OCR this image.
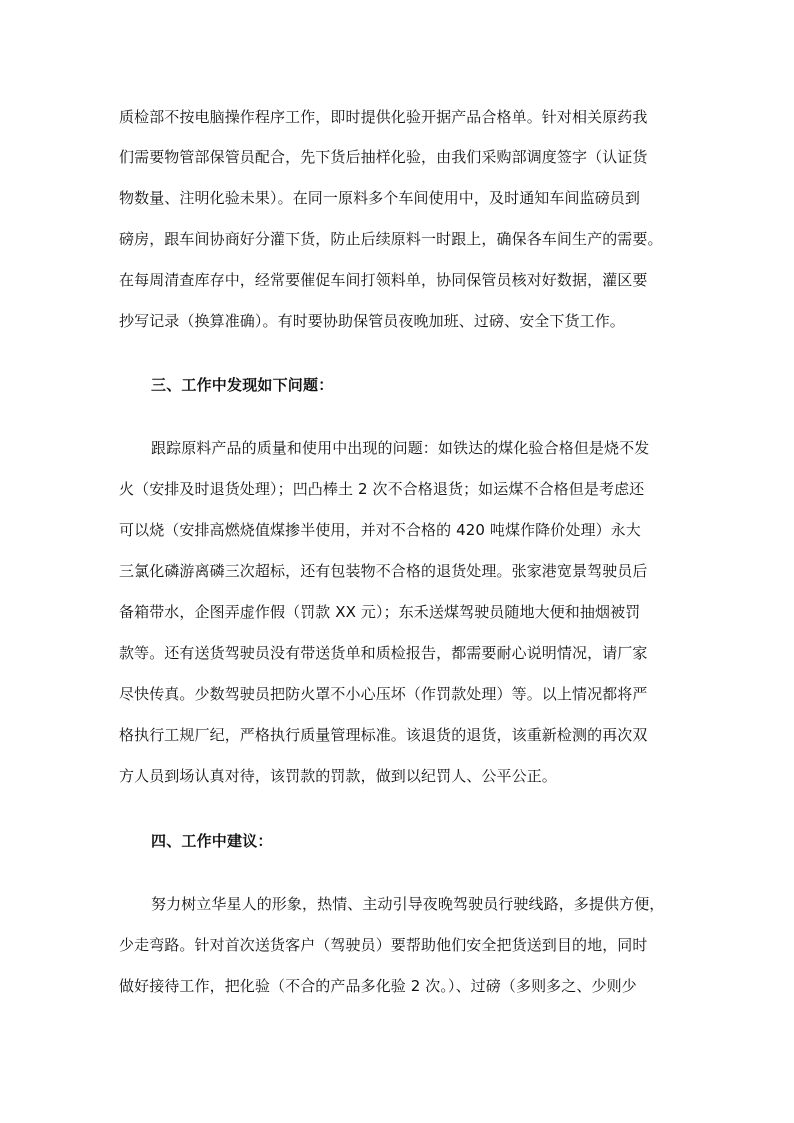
质检部不按电脑操作程序工作，即时提供化验开据产品合格单。针对相关原药我
们需要物管部保管员配合，先下货后抽样化验，由我们采购部调度签字（认证货
物数量、注明化验未果）。在同一原料多个车间使用中，及时通知车间监磅员到
磅房，跟车间协商好分灌下货，防止后续原料一时跟上，确保各车间生产的需要。
在每周清查库存中，经常要催促车间打领料单，协同保管员核对好数据，灌区要
抄写记录（换算准确）。有时要协助保管员夜晚加班、过磅、安全下货工作。
三、工作中发现如下问题：
跟踪原料产品的质量和使用中出现的问题：如铁达的煤化验合格但是烧不发
火（安排及时退货处理）；凹凸棒土 2 次不合格退货；如运煤不合格但是考虑还
可以烧（安排高燃烧值煤掺半使用，并对不合格的 420 吨煤作降价处理）永大
三氯化磷游离磷三次超标，还有包装物不合格的退货处理。张家港宽景驾驶员后
备箱带水，企图弄虚作假（罚款 XX 元）；东禾送煤驾驶员随地大便和抽烟被罚
款等。还有送货驾驶员没有带送货单和质检报告，都需要耐心说明情况，请厂家
尽快传真。少数驾驶员把防火罩不小心压坏（作罚款处理）等。以上情况都将严
格执行工规厂纪，严格执行质量管理标准。该退货的退货，该重新检测的再次双
方人员到场认真对待，该罚款的罚款，做到以纪罚人、公平公正。
四、工作中建议：
努力树立华星人的形象，热情、主动引导夜晚驾驶员行驶线路，多提供方便，
少走弯路。针对首次送货客户（驾驶员）要帮助他们安全把货送到目的地，同时
做好接待工作，把化验（不合的产品多化验 2 次。）、过磅（多则多之、少则少
